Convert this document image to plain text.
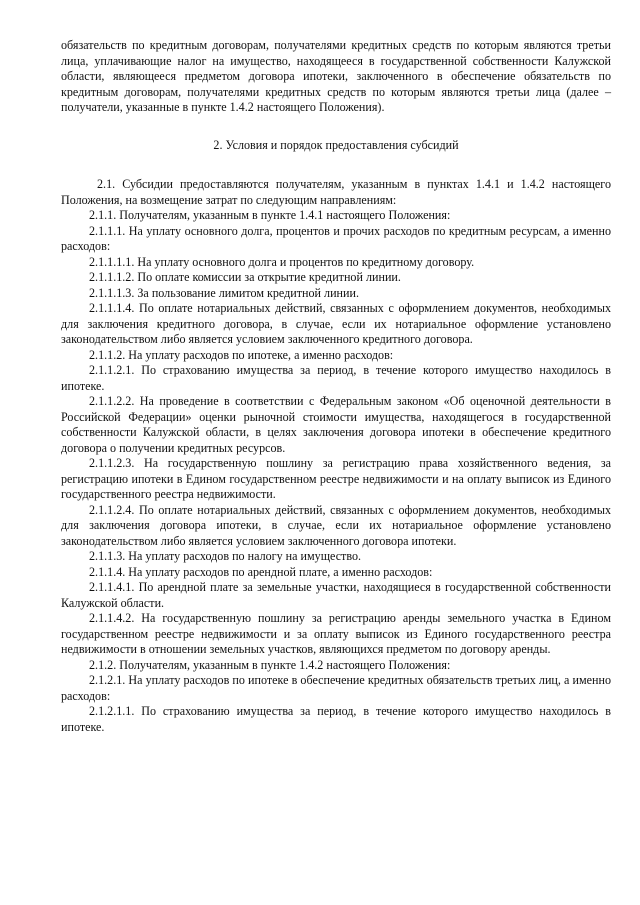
обязательств по кредитным договорам, получателями кредитных средств по которым являются третьи лица, уплачивающие налог на имущество, находящееся в государственной собственности Калужской области, являющееся предметом договора ипотеки, заключенного в обеспечение обязательств по кредитным договорам, получателями кредитных средств по которым являются третьи лица (далее – получатели, указанные в пункте 1.4.2 настоящего Положения).

2. Условия и порядок предоставления субсидий

2.1. Субсидии предоставляются получателям, указанным в пунктах 1.4.1 и 1.4.2 настоящего Положения, на возмещение затрат по следующим направлениям:

2.1.1. Получателям, указанным в пункте 1.4.1 настоящего Положения:

2.1.1.1. На уплату основного долга, процентов и прочих расходов по кредитным ресурсам, а именно расходов:

2.1.1.1.1. На уплату основного долга и процентов по кредитному договору.

2.1.1.1.2. По оплате комиссии за открытие кредитной линии.

2.1.1.1.3. За пользование лимитом кредитной линии.

2.1.1.1.4. По оплате нотариальных действий, связанных с оформлением документов, необходимых для заключения кредитного договора, в случае, если их нотариальное оформление установлено законодательством либо является условием заключенного кредитного договора.

2.1.1.2. На уплату расходов по ипотеке, а именно расходов:

2.1.1.2.1. По страхованию имущества за период, в течение которого имущество находилось в ипотеке.

2.1.1.2.2. На проведение в соответствии с Федеральным законом «Об оценочной деятельности в Российской Федерации» оценки рыночной стоимости имущества, находящегося в государственной собственности Калужской области, в целях заключения договора ипотеки в обеспечение кредитного договора о получении кредитных ресурсов.

2.1.1.2.3. На государственную пошлину за регистрацию права хозяйственного ведения, за регистрацию ипотеки в Едином государственном реестре недвижимости и на оплату выписок из Единого государственного реестра недвижимости.

2.1.1.2.4. По оплате нотариальных действий, связанных с оформлением документов, необходимых для заключения договора ипотеки, в случае, если их нотариальное оформление установлено законодательством либо является условием заключенного договора ипотеки.

2.1.1.3. На уплату расходов по налогу на имущество.

2.1.1.4. На уплату расходов по арендной плате, а именно расходов:

2.1.1.4.1. По арендной плате за земельные участки, находящиеся в государственной собственности Калужской области.

2.1.1.4.2. На государственную пошлину за регистрацию аренды земельного участка в Едином государственном реестре недвижимости и за оплату выписок из Единого государственного реестра недвижимости в отношении земельных участков, являющихся предметом по договору аренды.

2.1.2. Получателям, указанным в пункте 1.4.2 настоящего Положения:

2.1.2.1. На уплату расходов по ипотеке в обеспечение кредитных обязательств третьих лиц, а именно расходов:

2.1.2.1.1. По страхованию имущества за период, в течение которого имущество находилось в ипотеке.
